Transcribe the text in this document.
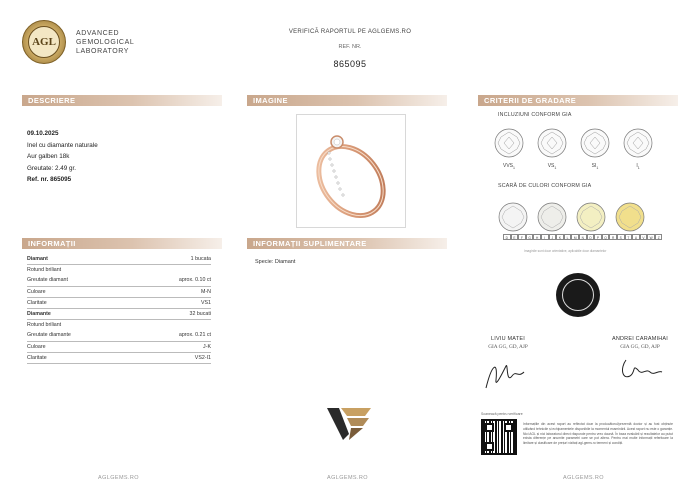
AGL
ADVANCED
GEMOLOGICAL
LABORATORY
VERIFICĂ RAPORTUL PE AGLGEMS.RO
REF. NR.
865095
DESCRIERE	IMAGINE	CRITERII DE GRADARE
INFORMAȚII	INFORMAȚII SUPLIMENTARE
09.10.2025
Inel cu diamante naturale
Aur galben 18k
Greutate: 2.49 gr.
Ref. nr. 865095
Diamant	1 bucata
Rotund briliant
Greutate diamant	aprox. 0.10 ct
Culoare	M-N
Claritate	VS1
Diamante	32 bucati
Rotund briliant
Greutate diamante	aprox. 0.21 ct
Culoare	J-K
Claritate	VS2-I1
Specie: Diamant
INCLUZIUNI CONFORM GIA
$VVS_1$	$VS_1$	$SI_1$	$I_1$
SCARĂ DE CULORI CONFORM GIA
D	E	F	G	H	I	J	K	L	M	N	O	P	Q	R	S	T	U	V	W	Z
Imaginile sunt doar orientative, aplicabile doar diamantelor
LIVIU MATEI
GIA GG, GD, AJP
ANDREI CARAMIHAI
GIA GG, GD, AJP
Scanează pentru verificare
Informațiile din acest raport au reflectat doar la producătorul/prezentă doctor și au fost obținute utilizând tehnicile și echipamentele disponibile la momentul examinării. Acest raport nu este o garanție. Nici AGL și nici laboratorul direct răspunde pentru vreo daună. În baza evaluării și rezultatelor au putut exista diferențe pe anumite parametri care se pot altera. Pentru mai multe informații referitoare la limitare și clasificare de prețuri vizitați agl-gems.ro termeni și condiții.
AGLGEMS.RO	AGLGEMS.RO	AGLGEMS.RO
